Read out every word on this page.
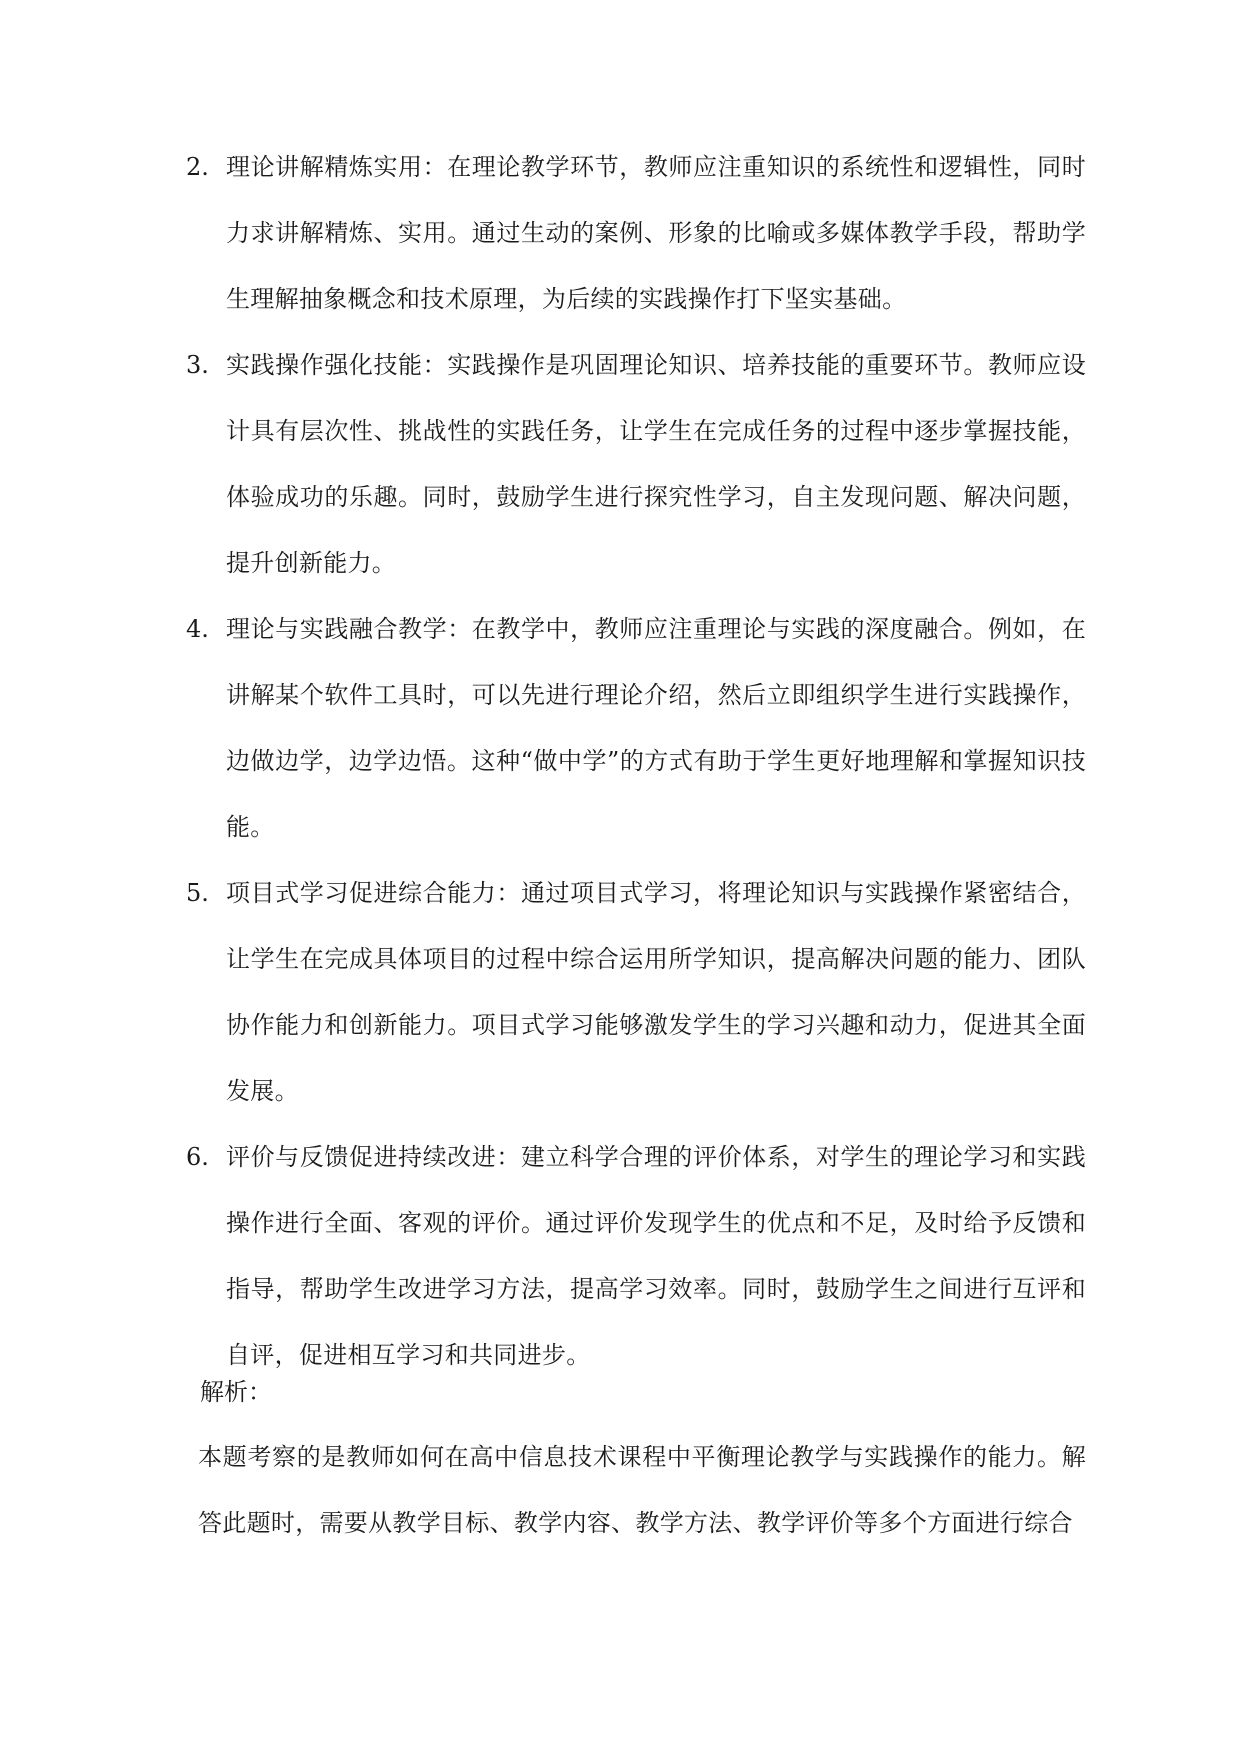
2. 理论讲解精炼实用：在理论教学环节，教师应注重知识的系统性和逻辑性，同时力求讲解精炼、实用。通过生动的案例、形象的比喻或多媒体教学手段，帮助学生理解抽象概念和技术原理，为后续的实践操作打下坚实基础。
3. 实践操作强化技能：实践操作是巩固理论知识、培养技能的重要环节。教师应设计具有层次性、挑战性的实践任务，让学生在完成任务的过程中逐步掌握技能，体验成功的乐趣。同时，鼓励学生进行探究性学习，自主发现问题、解决问题，提升创新能力。
4. 理论与实践融合教学：在教学中，教师应注重理论与实践的深度融合。例如，在讲解某个软件工具时，可以先进行理论介绍，然后立即组织学生进行实践操作，边做边学，边学边悟。这种“做中学”的方式有助于学生更好地理解和掌握知识技能。
5. 项目式学习促进综合能力：通过项目式学习，将理论知识与实践操作紧密结合，让学生在完成具体项目的过程中综合运用所学知识，提高解决问题的能力、团队协作能力和创新能力。项目式学习能够激发学生的学习兴趣和动力，促进其全面发展。
6. 评价与反馈促进持续改进：建立科学合理的评价体系，对学生的理论学习和实践操作进行全面、客观的评价。通过评价发现学生的优点和不足，及时给予反馈和指导，帮助学生改进学习方法，提高学习效率。同时，鼓励学生之间进行互评和自评，促进相互学习和共同进步。
解析：
本题考察的是教师如何在高中信息技术课程中平衡理论教学与实践操作的能力。解答此题时，需要从教学目标、教学内容、教学方法、教学评价等多个方面进行综合
